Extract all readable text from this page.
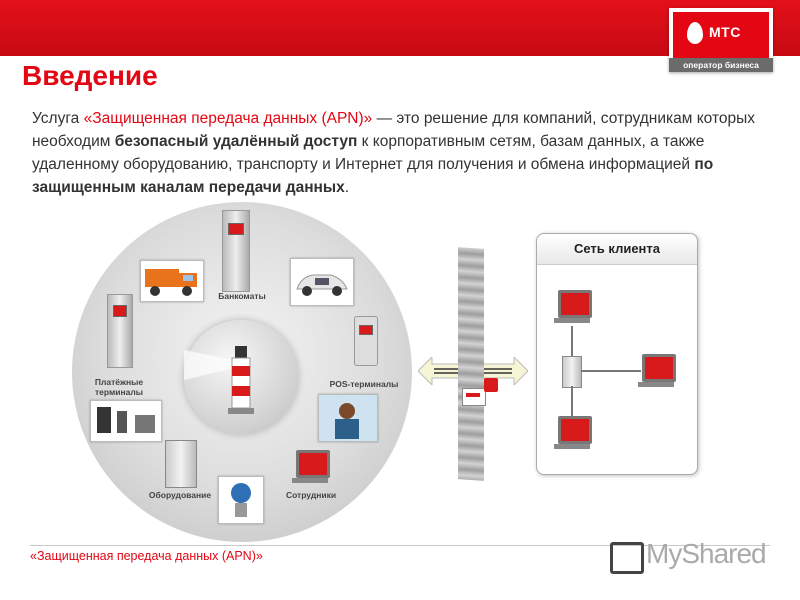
МТС
оператор бизнеса
Введение
Услуга «Защищенная передача данных (APN)» — это решение для компаний, сотрудникам которых необходим безопасный удалённый доступ к корпоративным сетям, базам данных, а также удаленному оборудованию, транспорту и Интернет для получения и обмена информацией по защищенным каналам передачи данных.
Банкоматы
Платёжные терминалы
POS-терминалы
Оборудование	Сотрудники
Сеть клиента
«Защищенная передача данных (APN)»	MyShared
